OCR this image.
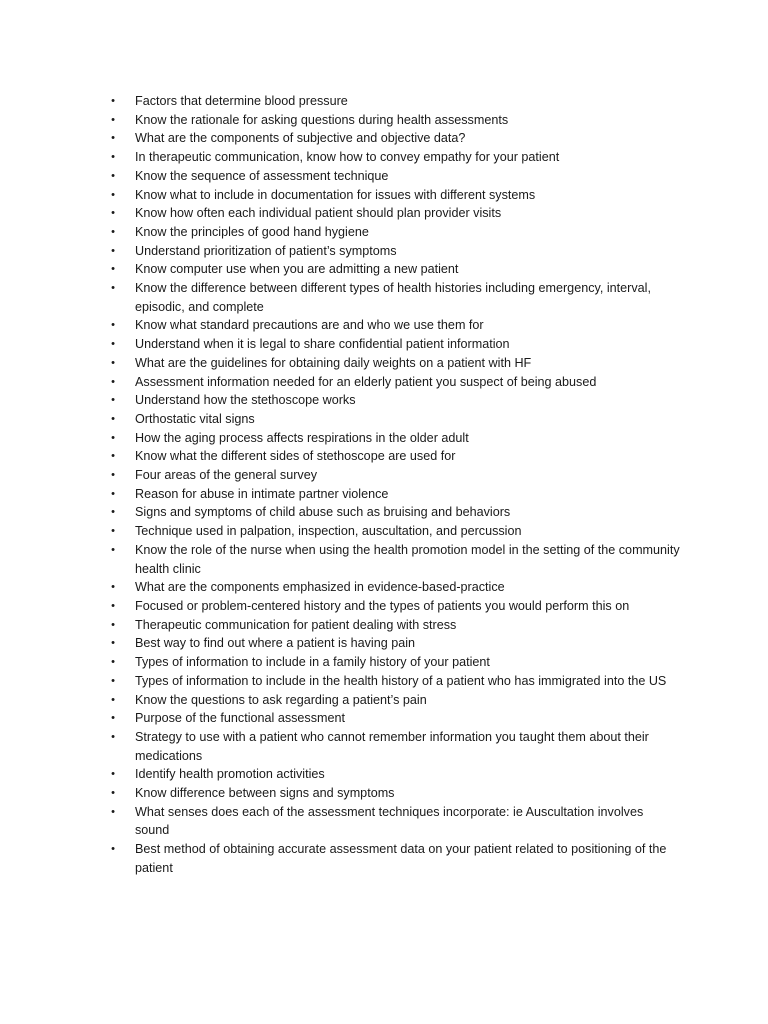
• Factors that determine blood pressure
• Know the rationale for asking questions during health assessments
• What are the components of subjective and objective data?
• In therapeutic communication, know how to convey empathy for your patient
• Know the sequence of assessment technique
• Know what to include in documentation for issues with different systems
• Know how often each individual patient should plan provider visits
• Know the principles of good hand hygiene
• Understand prioritization of patient’s symptoms
• Know computer use when you are admitting a new patient
• Know the difference between different types of health histories including emergency, interval, episodic, and complete
• Know what standard precautions are and who we use them for
• Understand when it is legal to share confidential patient information
• What are the guidelines for obtaining daily weights on a patient with HF
• Assessment information needed for an elderly patient you suspect of being abused
• Understand how the stethoscope works
• Orthostatic vital signs
• How the aging process affects respirations in the older adult
• Know what the different sides of stethoscope are used for
• Four areas of the general survey
• Reason for abuse in intimate partner violence
• Signs and symptoms of child abuse such as bruising and behaviors
• Technique used in palpation, inspection, auscultation, and percussion
• Know the role of the nurse when using the health promotion model in the setting of the community health clinic
• What are the components emphasized in evidence-based-practice
• Focused or problem-centered history and the types of patients you would perform this on
• Therapeutic communication for patient dealing with stress
• Best way to find out where a patient is having pain
• Types of information to include in a family history of your patient
• Types of information to include in the health history of a patient who has immigrated into the US
• Know the questions to ask regarding a patient’s pain
• Purpose of the functional assessment
• Strategy to use with a patient who cannot remember information you taught them about their medications
• Identify health promotion activities
• Know difference between signs and symptoms
• What senses does each of the assessment techniques incorporate: ie Auscultation involves sound
• Best method of obtaining accurate assessment data on your patient related to positioning of the patient
